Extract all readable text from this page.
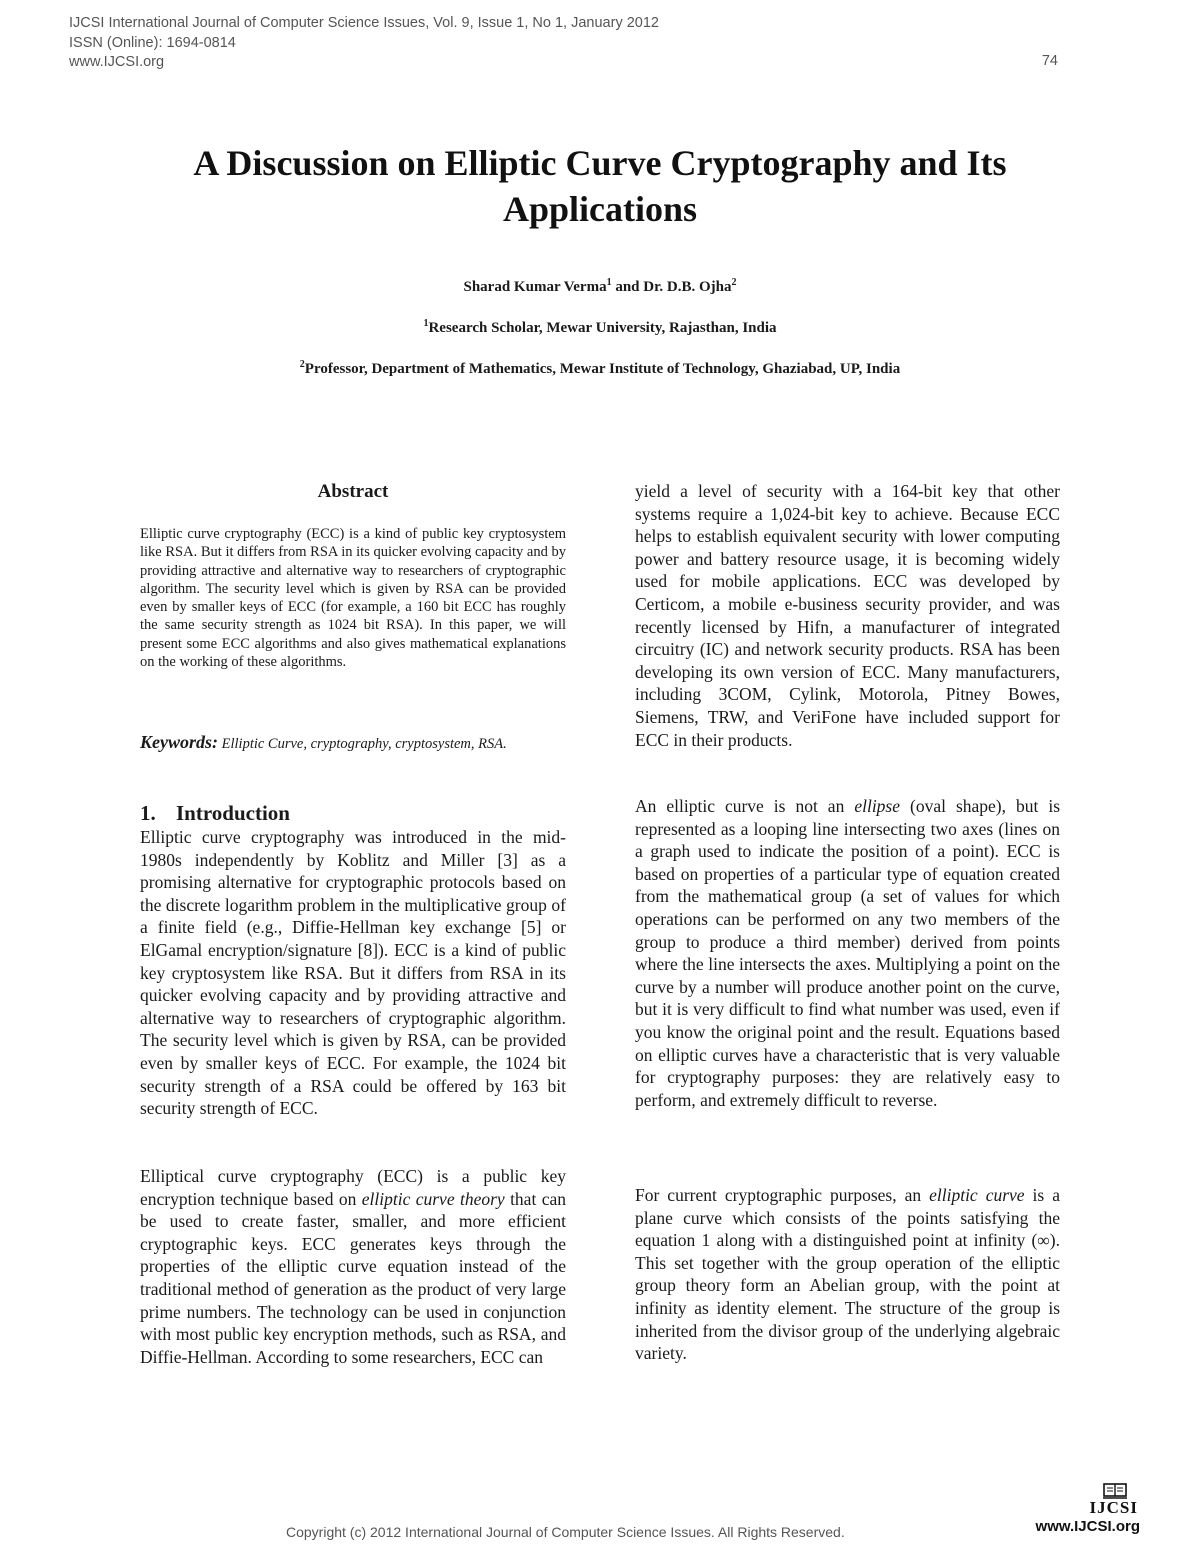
IJCSI International Journal of Computer Science Issues, Vol. 9, Issue 1, No 1, January 2012
ISSN (Online): 1694-0814
www.IJCSI.org	74
A Discussion on Elliptic Curve Cryptography and Its Applications
Sharad Kumar Verma$^1$ and Dr. D.B. Ojha$^2$
$^1$Research Scholar, Mewar University, Rajasthan, India
$^2$Professor, Department of Mathematics, Mewar Institute of Technology, Ghaziabad, UP, India
Abstract

Elliptic curve cryptography (ECC) is a kind of public key cryptosystem like RSA. But it differs from RSA in its quicker evolving capacity and by providing attractive and alternative way to researchers of cryptographic algorithm. The security level which is given by RSA can be provided even by smaller keys of ECC (for example, a 160 bit ECC has roughly the same security strength as 1024 bit RSA). In this paper, we will present some ECC algorithms and also gives mathematical explanations on the working of these algorithms.

Keywords: Elliptic Curve, cryptography, cryptosystem, RSA.

1. Introduction

Elliptic curve cryptography was introduced in the mid-1980s independently by Koblitz and Miller [3] as a promising alternative for cryptographic protocols based on the discrete logarithm problem in the multiplicative group of a finite field (e.g., Diffie-Hellman key exchange [5] or ElGamal encryption/signature [8]). ECC is a kind of public key cryptosystem like RSA. But it differs from RSA in its quicker evolving capacity and by providing attractive and alternative way to researchers of cryptographic algorithm. The security level which is given by RSA, can be provided even by smaller keys of ECC. For example, the 1024 bit security strength of a RSA could be offered by 163 bit security strength of ECC.

Elliptical curve cryptography (ECC) is a public key encryption technique based on elliptic curve theory that can be used to create faster, smaller, and more efficient cryptographic keys. ECC generates keys through the properties of the elliptic curve equation instead of the traditional method of generation as the product of very large prime numbers. The technology can be used in conjunction with most public key encryption methods, such as RSA, and Diffie-Hellman. According to some researchers, ECC can

yield a level of security with a 164-bit key that other systems require a 1,024-bit key to achieve. Because ECC helps to establish equivalent security with lower computing power and battery resource usage, it is becoming widely used for mobile applications. ECC was developed by Certicom, a mobile e-business security provider, and was recently licensed by Hifn, a manufacturer of integrated circuitry (IC) and network security products. RSA has been developing its own version of ECC. Many manufacturers, including 3COM, Cylink, Motorola, Pitney Bowes, Siemens, TRW, and VeriFone have included support for ECC in their products.

An elliptic curve is not an ellipse (oval shape), but is represented as a looping line intersecting two axes (lines on a graph used to indicate the position of a point). ECC is based on properties of a particular type of equation created from the mathematical group (a set of values for which operations can be performed on any two members of the group to produce a third member) derived from points where the line intersects the axes. Multiplying a point on the curve by a number will produce another point on the curve, but it is very difficult to find what number was used, even if you know the original point and the result. Equations based on elliptic curves have a characteristic that is very valuable for cryptography purposes: they are relatively easy to perform, and extremely difficult to reverse.

For current cryptographic purposes, an elliptic curve is a plane curve which consists of the points satisfying the equation 1 along with a distinguished point at infinity (∞). This set together with the group operation of the elliptic group theory form an Abelian group, with the point at infinity as identity element. The structure of the group is inherited from the divisor group of the underlying algebraic variety.

Copyright (c) 2012 International Journal of Computer Science Issues. All Rights Reserved.
IJCSI
www.IJCSI.org
